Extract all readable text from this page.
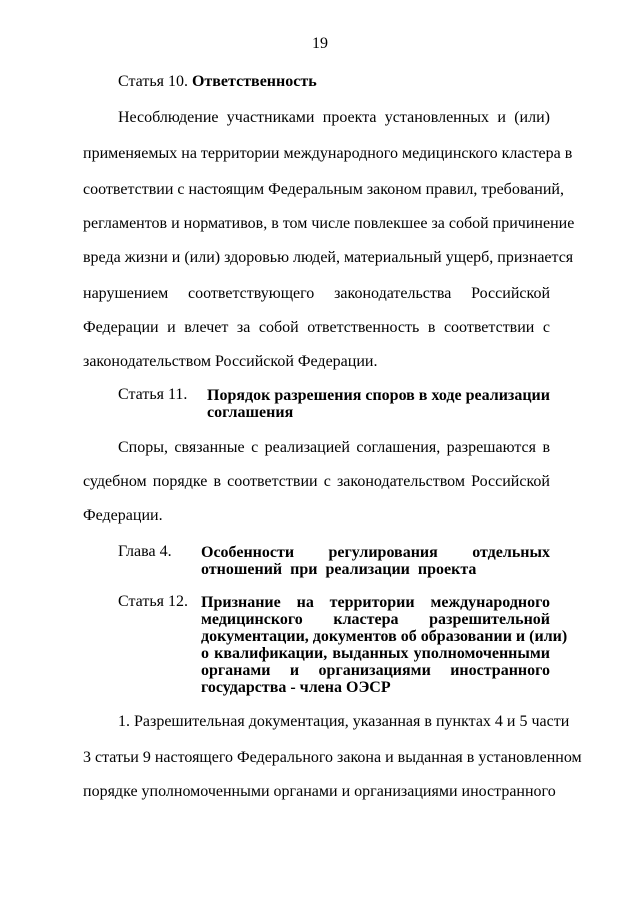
19
Статья 10. Ответственность
Несоблюдение участниками проекта установленных и (или)
применяемых на территории международного медицинского кластера в
соответствии с настоящим Федеральным законом правил, требований,
регламентов и нормативов, в том числе повлекшее за собой причинение
вреда жизни и (или) здоровью людей, материальный ущерб, признается
нарушением соответствующего законодательства Российской
Федерации и влечет за собой ответственность в соответствии с
законодательством Российской Федерации.
Статья 11. Порядок разрешения споров в ходе реализации
соглашения
Споры, связанные с реализацией соглашения, разрешаются в
судебном порядке в соответствии с законодательством Российской
Федерации.
Глава 4. Особенности регулирования отдельных
отношений при реализации проекта
Статья 12. Признание на территории международного
медицинского кластера разрешительной
документации, документов об образовании и (или)
о квалификации, выданных уполномоченными
органами и организациями иностранного
государства - члена ОЭСР
1. Разрешительная документация, указанная в пунктах 4 и 5 части
3 статьи 9 настоящего Федерального закона и выданная в установленном
порядке уполномоченными органами и организациями иностранного
